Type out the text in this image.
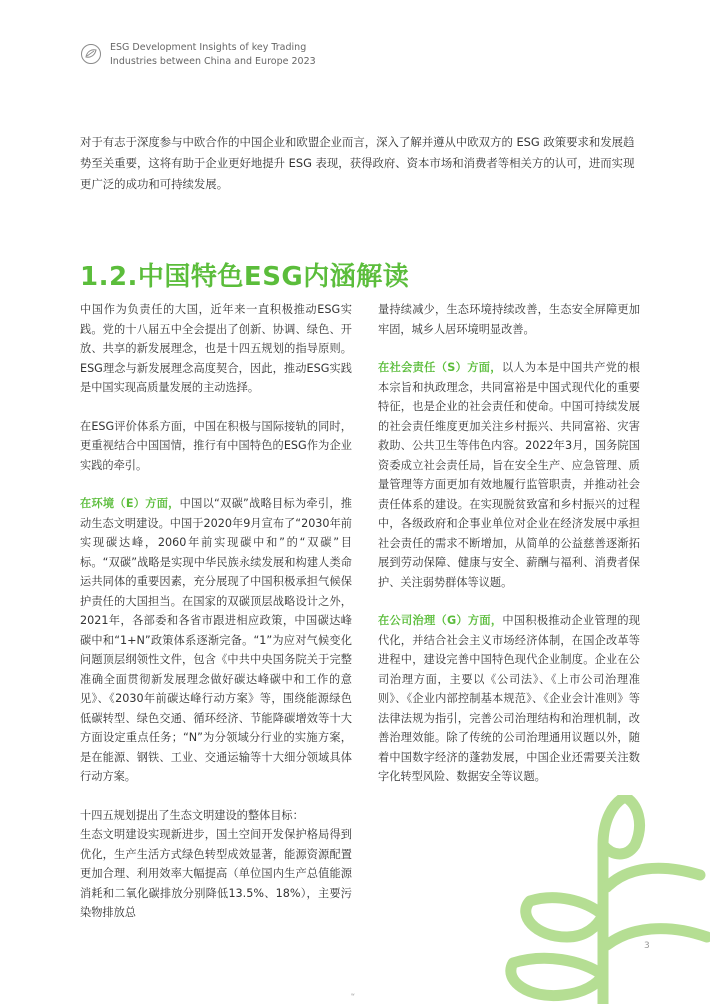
ESG Development Insights of key Trading
Industries between China and Europe 2023
对于有志于深度参与中欧合作的中国企业和欧盟企业而言，深入了解并遵从中欧双方的 ESG 政策要求和发展趋势至关重要，这将有助于企业更好地提升 ESG 表现，获得政府、资本市场和消费者等相关方的认可，进而实现更广泛的成功和可持续发展。
1.2.中国特色ESG内涵解读

中国作为负责任的大国，近年来一直积极推动ESG实践。党的十八届五中全会提出了创新、协调、绿色、开放、共享的新发展理念，也是十四五规划的指导原则。ESG理念与新发展理念高度契合，因此，推动ESG实践是中国实现高质量发展的主动选择。

在ESG评价体系方面，中国在积极与国际接轨的同时，更重视结合中国国情，推行有中国特色的ESG作为企业实践的牵引。

在环境（E）方面，中国以“双碳”战略目标为牵引，推动生态文明建设。中国于2020年9月宣布了“2030年前实现碳达峰，2060年前实现碳中和”的“双碳”目标。“双碳”战略是实现中华民族永续发展和构建人类命运共同体的重要因素，充分展现了中国积极承担气候保护责任的大国担当。在国家的双碳顶层战略设计之外，2021年，各部委和各省市跟进相应政策，中国碳达峰碳中和“1+N”政策体系逐渐完备。“1”为应对气候变化问题顶层纲领性文件，包含《中共中央国务院关于完整准确全面贯彻新发展理念做好碳达峰碳中和工作的意见》、《2030年前碳达峰行动方案》等，围绕能源绿色低碳转型、绿色交通、循环经济、节能降碳增效等十大方面设定重点任务；“N”为分领域分行业的实施方案，是在能源、钢铁、工业、交通运输等十大细分领域具体行动方案。

十四五规划提出了生态文明建设的整体目标：
生态文明建设实现新进步，国土空间开发保护格局得到优化，生产生活方式绿色转型成效显著，能源资源配置更加合理、利用效率大幅提高（单位国内生产总值能源消耗和二氧化碳排放分别降低13.5%、18%），主要污染物排放总

量持续减少，生态环境持续改善，生态安全屏障更加牢固，城乡人居环境明显改善。

在社会责任（S）方面，以人为本是中国共产党的根本宗旨和执政理念，共同富裕是中国式现代化的重要特征，也是企业的社会责任和使命。中国可持续发展的社会责任维度更加关注乡村振兴、共同富裕、灾害救助、公共卫生等伟色内容。2022年3月，国务院国资委成立社会责任局，旨在安全生产、应急管理、质量管理等方面更加有效地履行监管职责，并推动社会责任体系的建设。在实现脱贫致富和乡村振兴的过程中，各级政府和企事业单位对企业在经济发展中承担社会责任的需求不断增加，从简单的公益慈善逐渐拓展到劳动保障、健康与安全、薪酬与福利、消费者保护、关注弱势群体等议题。

在公司治理（G）方面，中国积极推动企业管理的现代化，并结合社会主义市场经济体制，在国企改革等进程中，建设完善中国特色现代企业制度。企业在公司治理方面，主要以《公司法》、《上市公司治理准则》、《企业内部控制基本规范》、《企业会计准则》等法律法规为指引，完善公司治理结构和治理机制，改善治理效能。除了传统的公司治理通用议题以外，随着中国数字经济的蓬勃发展，中国企业还需要关注数字化转型风险、数据安全等议题。

3
ʷ
